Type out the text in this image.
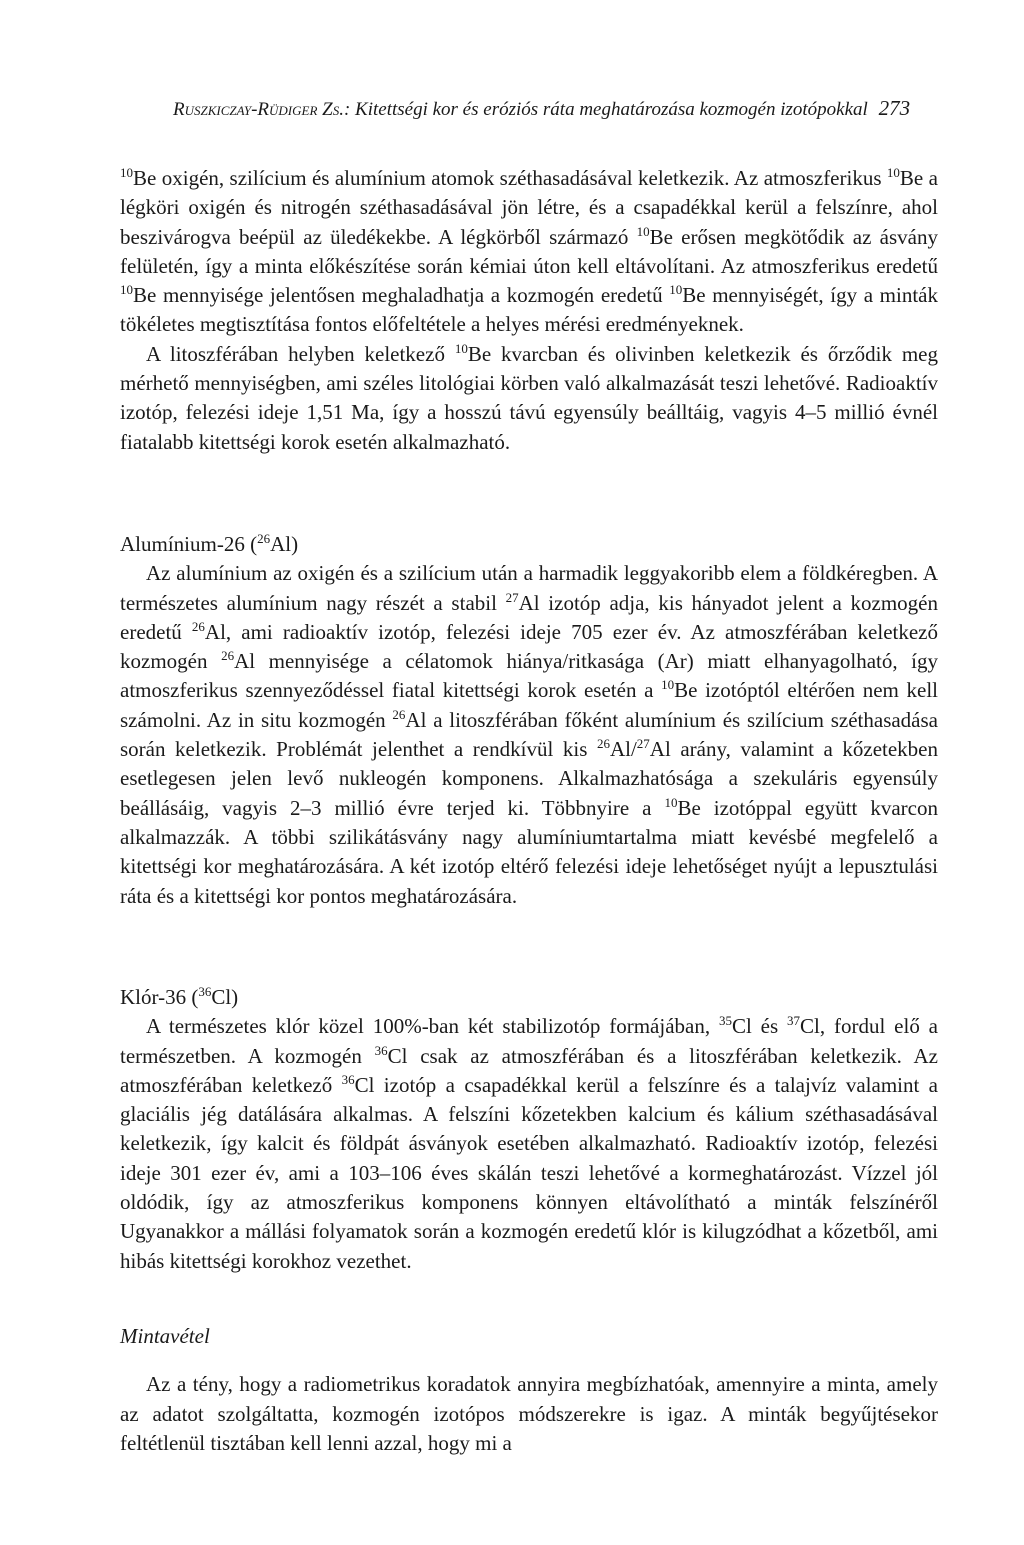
Ruszkiczay-Rüdiger Zs.: Kitettségi kor és eróziós ráta meghatározása kozmogén izotópokkal 273

$^{10}$Be oxigén, szilícium és alumínium atomok széthasadásával keletkezik. Az atmoszferikus $^{10}$Be a légköri oxigén és nitrogén széthasadásával jön létre, és a csapadékkal kerül a felszínre, ahol beszivárogva beépül az üledékekbe. A légkörből származó $^{10}$Be erősen megkötődik az ásvány felületén, így a minta előkészítése során kémiai úton kell eltávolítani. Az atmoszferikus eredetű $^{10}$Be mennyisége jelentősen meghaladhatja a kozmogén eredetű $^{10}$Be mennyiségét, így a minták tökéletes megtisztítása fontos előfeltétele a helyes mérési eredményeknek.

A litoszférában helyben keletkező $^{10}$Be kvarcban és olivinben keletkezik és őrződik meg mérhető mennyiségben, ami széles litológiai körben való alkalmazását teszi lehetővé. Radioaktív izotóp, felezési ideje 1,51 Ma, így a hosszú távú egyensúly beálltáig, vagyis 4–5 millió évnél fiatalabb kitettségi korok esetén alkalmazható.

Alumínium-26 ($^{26}$Al)

Az alumínium az oxigén és a szilícium után a harmadik leggyakoribb elem a földkéregben. A természetes alumínium nagy részét a stabil $^{27}$Al izotóp adja, kis hányadot jelent a kozmogén eredetű $^{26}$Al, ami radioaktív izotóp, felezési ideje 705 ezer év. Az atmoszférában keletkező kozmogén $^{26}$Al mennyisége a célatomok hiánya/ritkasága (Ar) miatt elhanyagolható, így atmoszferikus szennyeződéssel fiatal kitettségi korok esetén a $^{10}$Be izotóptól eltérően nem kell számolni. Az in situ kozmogén $^{26}$Al a litoszférában főként alumínium és szilícium széthasadása során keletkezik. Problémát jelenthet a rendkívül kis $^{26}$Al/$^{27}$Al arány, valamint a kőzetekben esetlegesen jelen levő nukleogén komponens. Alkalmazhatósága a szekuláris egyensúly beállásáig, vagyis 2–3 millió évre terjed ki. Többnyire a $^{10}$Be izotóppal együtt kvarcon alkalmazzák. A többi szilikátásvány nagy alumíniumtartalma miatt kevésbé megfelelő a kitettségi kor meghatározására. A két izotóp eltérő felezési ideje lehetőséget nyújt a lepusztulási ráta és a kitettségi kor pontos meghatározására.

Klór-36 ($^{36}$Cl)

A természetes klór közel 100%-ban két stabilizotóp formájában, $^{35}$Cl és $^{37}$Cl, fordul elő a természetben. A kozmogén $^{36}$Cl csak az atmoszférában és a litoszférában keletkezik. Az atmoszférában keletkező $^{36}$Cl izotóp a csapadékkal kerül a felszínre és a talajvíz valamint a glaciális jég datálására alkalmas. A felszíni kőzetekben kalcium és kálium széthasadásával keletkezik, így kalcit és földpát ásványok esetében alkalmazható. Radioaktív izotóp, felezési ideje 301 ezer év, ami a 103–106 éves skálán teszi lehetővé a kormeghatározást. Vízzel jól oldódik, így az atmoszferikus komponens könnyen eltávolítható a minták felszínéről Ugyanakkor a mállási folyamatok során a kozmogén eredetű klór is kilugzódhat a kőzetből, ami hibás kitettségi korokhoz vezethet.

Mintavétel

Az a tény, hogy a radiometrikus koradatok annyira megbízhatóak, amennyire a minta, amely az adatot szolgáltatta, kozmogén izotópos módszerekre is igaz. A minták begyűjtésekor feltétlenül tisztában kell lenni azzal, hogy mi a
